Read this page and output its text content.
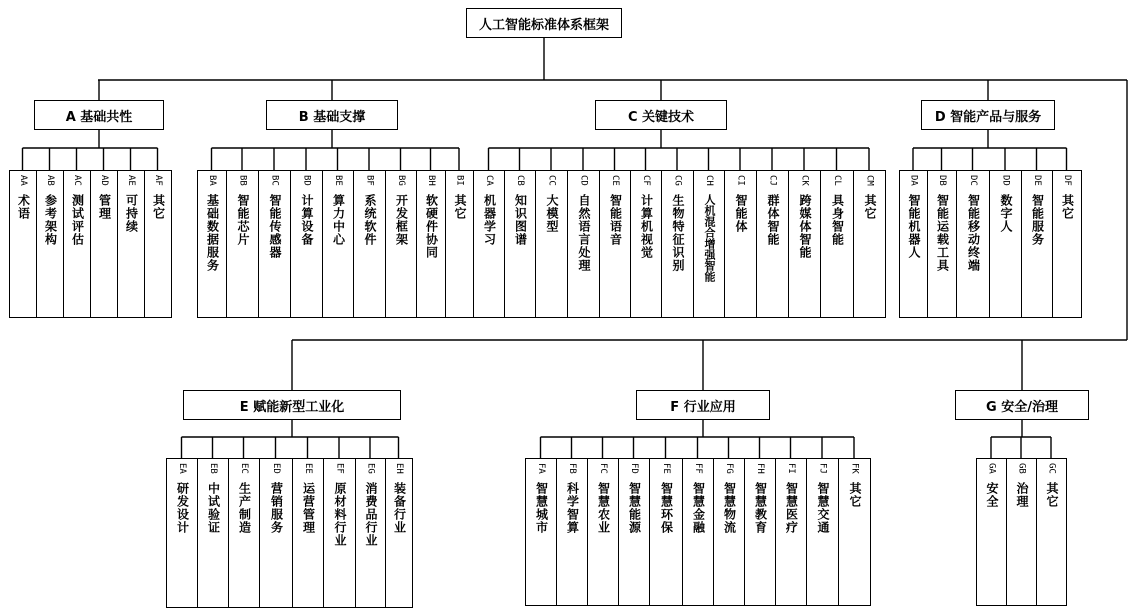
人工智能标准体系框架
A 基础共性
AA
术语
AB
参考架构
AC
测试评估
AD
管理
AE
可持续
AF
其它
B 基础支撑
BA
基础数据服务
BB
智能芯片
BC
智能传感器
BD
计算设备
BE
算力中心
BF
系统软件
BG
开发框架
BH
软硬件协同
BI
其它
C 关键技术
CA
机器学习
CB
知识图谱
CC
大模型
CD
自然语言处理
CE
智能语音
CF
计算机视觉
CG
生物特征识别
CH
人机混合增强智能
CI
智能体
CJ
群体智能
CK
跨媒体智能
CL
具身智能
CM
其它
D 智能产品与服务
DA
智能机器人
DB
智能运载工具
DC
智能移动终端
DD
数字人
DE
智能服务
DF
其它
E 赋能新型工业化
EA
研发设计
EB
中试验证
EC
生产制造
ED
营销服务
EE
运营管理
EF
原材料行业
EG
消费品行业
EH
装备行业
F 行业应用
FA
智慧城市
FB
科学智算
FC
智慧农业
FD
智慧能源
FE
智慧环保
FF
智慧金融
FG
智慧物流
FH
智慧教育
FI
智慧医疗
FJ
智慧交通
FK
其它
G 安全/治理
GA
安全
GB
治理
GC
其它
